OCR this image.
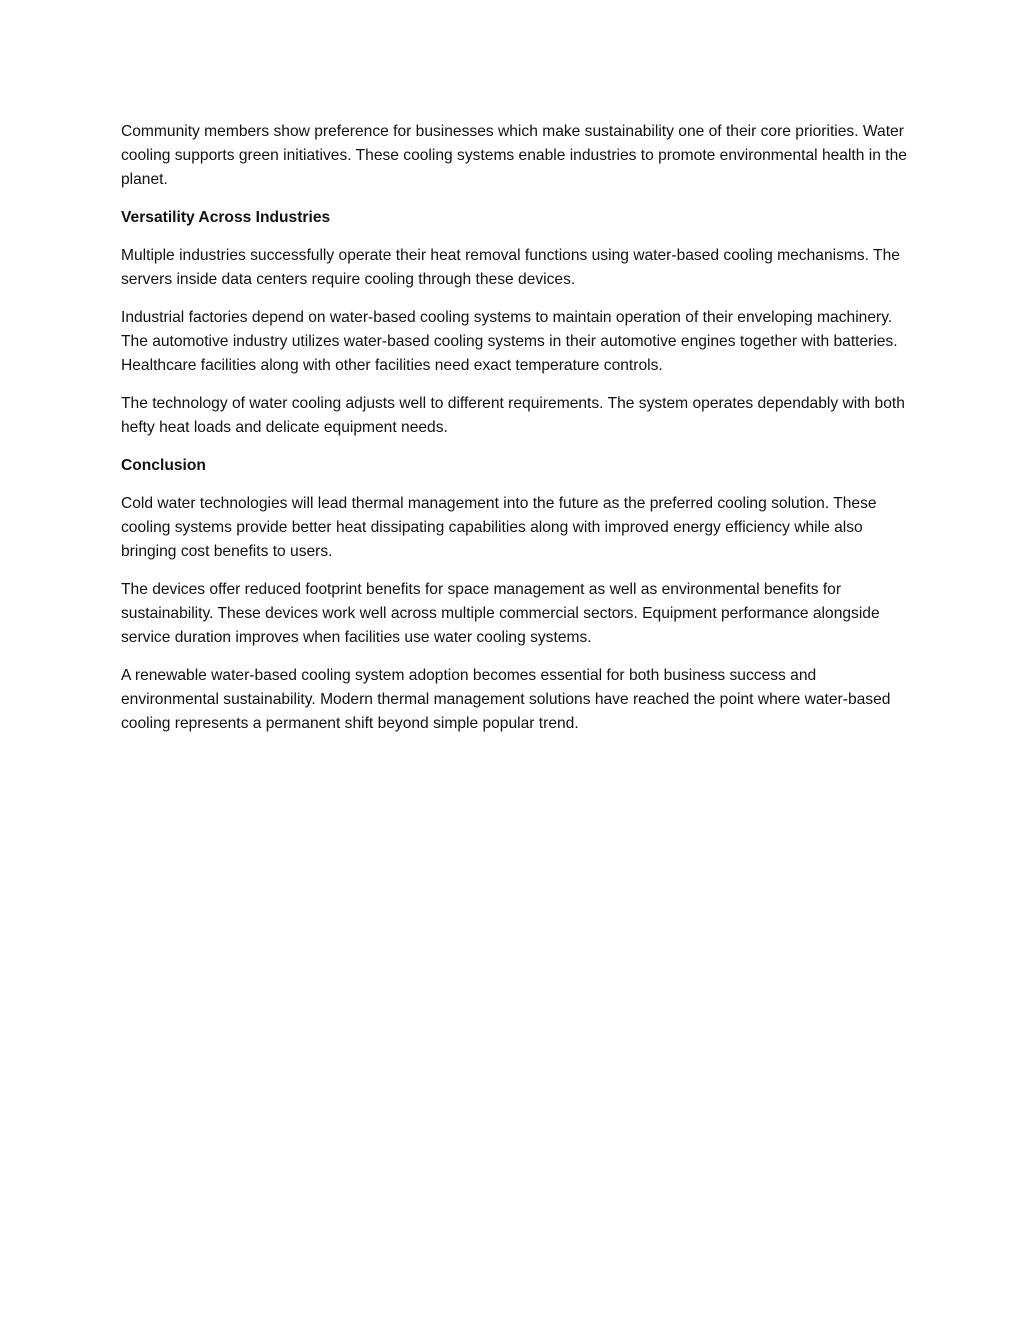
Community members show preference for businesses which make sustainability one of their core priorities. Water cooling supports green initiatives. These cooling systems enable industries to promote environmental health in the planet.

Versatility Across Industries

Multiple industries successfully operate their heat removal functions using water-based cooling mechanisms. The servers inside data centers require cooling through these devices.

Industrial factories depend on water-based cooling systems to maintain operation of their enveloping machinery. The automotive industry utilizes water-based cooling systems in their automotive engines together with batteries. Healthcare facilities along with other facilities need exact temperature controls.

The technology of water cooling adjusts well to different requirements. The system operates dependably with both hefty heat loads and delicate equipment needs.

Conclusion

Cold water technologies will lead thermal management into the future as the preferred cooling solution. These cooling systems provide better heat dissipating capabilities along with improved energy efficiency while also bringing cost benefits to users.

The devices offer reduced footprint benefits for space management as well as environmental benefits for sustainability. These devices work well across multiple commercial sectors. Equipment performance alongside service duration improves when facilities use water cooling systems.

A renewable water-based cooling system adoption becomes essential for both business success and environmental sustainability. Modern thermal management solutions have reached the point where water-based cooling represents a permanent shift beyond simple popular trend.
